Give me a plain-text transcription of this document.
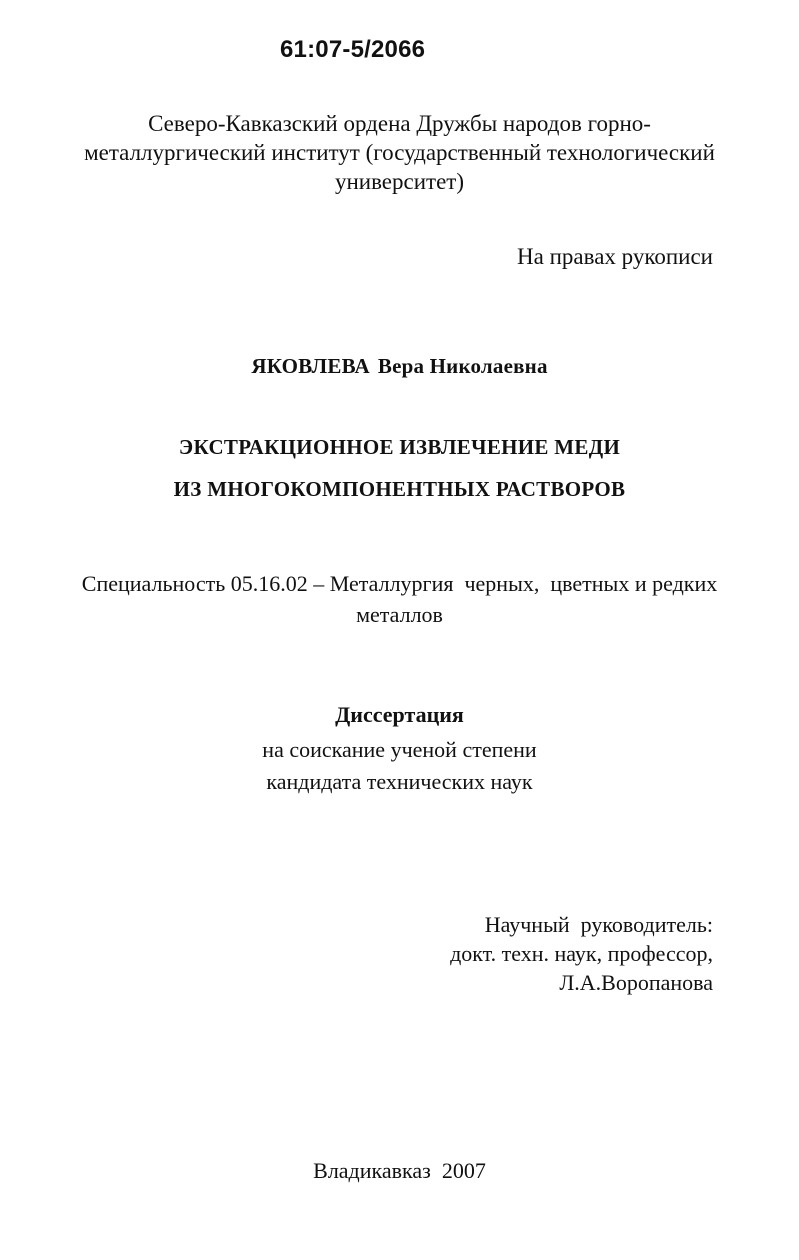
61:07-5/2066
Северо-Кавказский ордена Дружбы народов горно-
металлургический институт (государственный технологический
университет)
На правах рукописи
ЯКОВЛЕВА Вера Николаевна
ЭКСТРАКЦИОННОЕ ИЗВЛЕЧЕНИЕ МЕДИ
ИЗ МНОГОКОМПОНЕНТНЫХ РАСТВОРОВ
Специальность 05.16.02 – Металлургия  черных,  цветных и редких
металлов
Диссертация
на соискание ученой степени
кандидата технических наук
Научный  руководитель:
докт. техн. наук, профессор,
Л.А.Воропанова
Владикавказ  2007
